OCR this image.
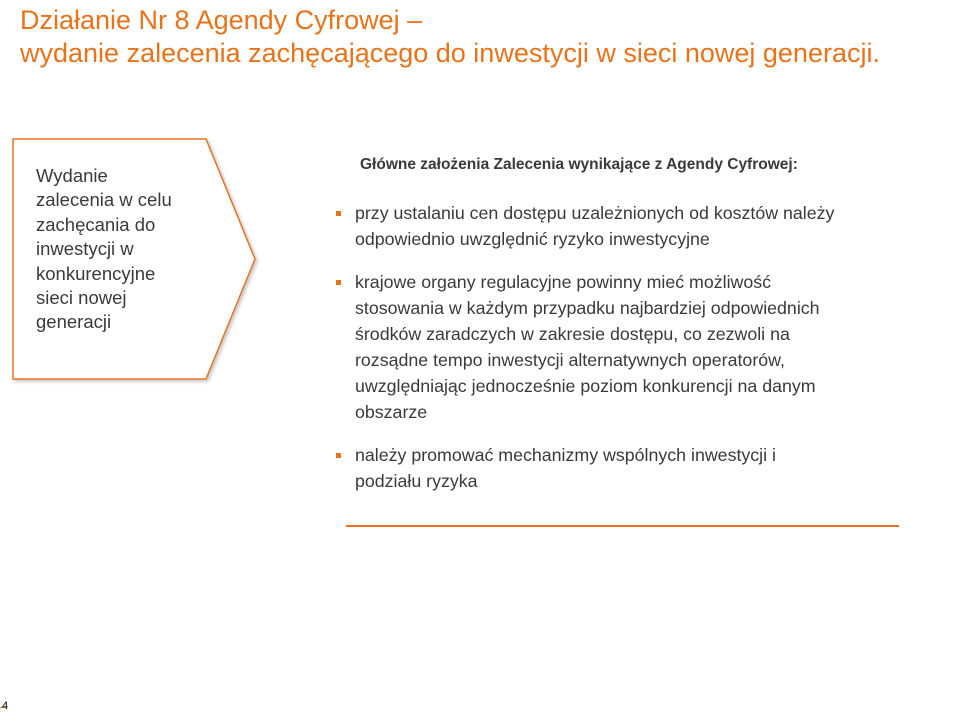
Działanie Nr 8 Agendy Cyfrowej –
wydanie zalecenia zachęcającego do inwestycji w sieci nowej generacji.
Wydanie
zalecenia w celu
zachęcania do
inwestycji w
konkurencyjne
sieci nowej
generacji
Główne założenia Zalecenia wynikające z Agendy Cyfrowej:
przy ustalaniu cen dostępu uzależnionych od kosztów należy
odpowiednio uwzględnić ryzyko inwestycyjne
krajowe organy regulacyjne powinny mieć możliwość
stosowania w każdym przypadku najbardziej odpowiednich
środków zaradczych w zakresie dostępu, co zezwoli na
rozsądne tempo inwestycji alternatywnych operatorów,
uwzględniając jednocześnie poziom konkurencji na danym
obszarze
należy promować mechanizmy wspólnych inwestycji i
podziału ryzyka
4
